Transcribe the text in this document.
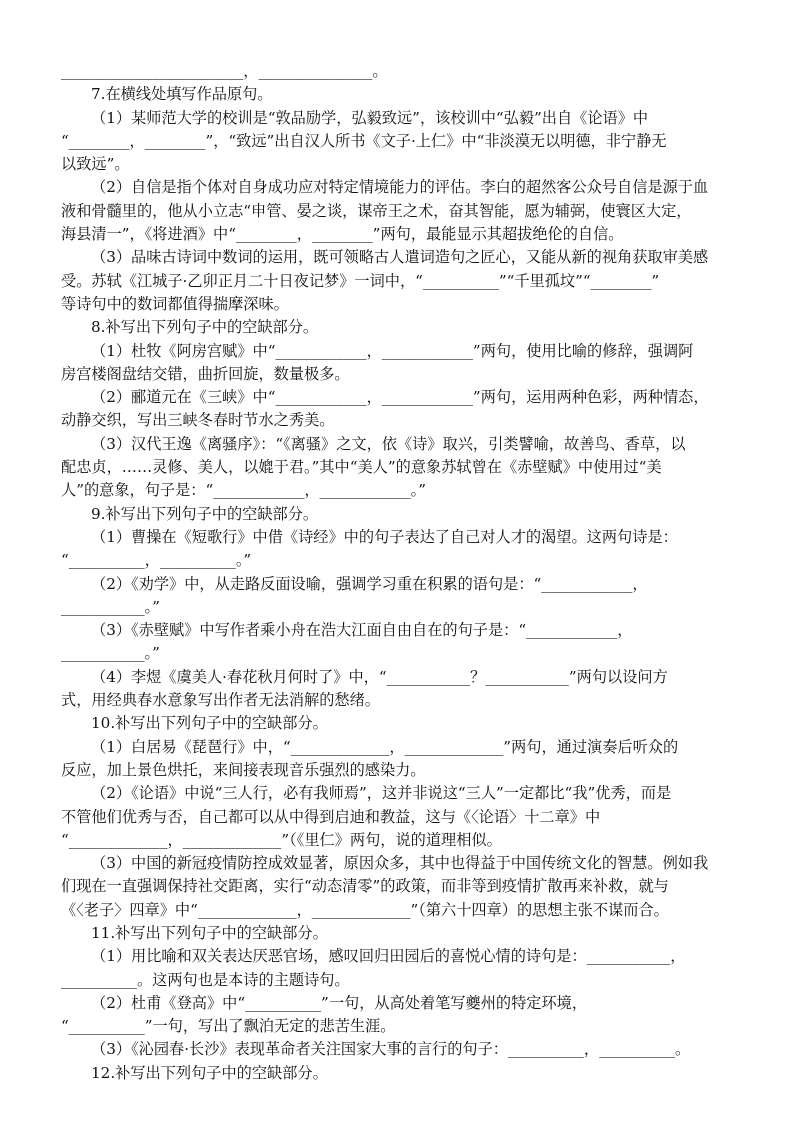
________________________，_______________。
7.在横线处填写作品原句。
（1）某师范大学的校训是“敦品励学，弘毅致远”，该校训中“弘毅”出自《论语》中
“________，________”，“致远”出自汉人所书《文子·上仁》中“非淡漠无以明德，非宁静无
以致远”。
（2）自信是指个体对自身成功应对特定情境能力的评估。李白的超然客公众号自信是源于血
液和骨髓里的，他从小立志“申管、晏之谈，谋帝王之术，奋其智能，愿为辅弼，使寰区大定，
海县清一”，《将进酒》中“________，________”两句，最能显示其超拔绝伦的自信。
（3）品味古诗词中数词的运用，既可领略古人遣词造句之匠心，又能从新的视角获取审美感
受。苏轼《江城子·乙卯正月二十日夜记梦》一词中，“__________”“千里孤坟”“________”
等诗句中的数词都值得揣摩深味。
8.补写出下列句子中的空缺部分。
（1）杜牧《阿房宫赋》中“____________，____________”两句，使用比喻的修辞，强调阿
房宫楼阁盘结交错，曲折回旋，数量极多。
（2）郦道元在《三峡》中“____________，____________”两句，运用两种色彩，两种情态，
动静交织，写出三峡冬春时节水之秀美。
（3）汉代王逸《离骚序》：“《离骚》之文，依《诗》取兴，引类譬喻，故善鸟、香草，以
配忠贞，……灵修、美人，以媲于君。”其中“美人”的意象苏轼曾在《赤壁赋》中使用过“美
人”的意象，句子是：“____________，____________。”
9.补写出下列句子中的空缺部分。
（1）曹操在《短歌行》中借《诗经》中的句子表达了自己对人才的渴望。这两句诗是：
“__________，__________。”
（2）《劝学》中，从走路反面设喻，强调学习重在积累的语句是：“____________，
___________。”
（3）《赤壁赋》中写作者乘小舟在浩大江面自由自在的句子是：“____________，
___________。”
（4）李煜《虞美人·春花秋月何时了》中，“___________？___________”两句以设问方
式，用经典春水意象写出作者无法消解的愁绪。
10.补写出下列句子中的空缺部分。
（1）白居易《琵琶行》中，“_____________，_____________”两句，通过演奏后听众的
反应，加上景色烘托，来间接表现音乐强烈的感染力。
（2）《论语》中说“三人行，必有我师焉”，这并非说这“三人”一定都比“我”优秀，而是
不管他们优秀与否，自己都可以从中得到启迪和教益，这与《〈论语〉十二章》中
“_____________，_____________”（《里仁》两句，说的道理相似。
（3）中国的新冠疫情防控成效显著，原因众多，其中也得益于中国传统文化的智慧。例如我
们现在一直强调保持社交距离，实行“动态清零”的政策，而非等到疫情扩散再来补救，就与
《〈老子〉四章》中“_____________，_____________”（第六十四章）的思想主张不谋而合。
11.补写出下列句子中的空缺部分。
（1）用比喻和双关表达厌恶官场，感叹回归田园后的喜悦心情的诗句是：___________，
__________。这两句也是本诗的主题诗句。
（2）杜甫《登高》中“__________”一句，从高处着笔写夔州的特定环境，
“__________”一句，写出了飘泊无定的悲苦生涯。
（3）《沁园春·长沙》表现革命者关注国家大事的言行的句子：__________，__________。
12.补写出下列句子中的空缺部分。
